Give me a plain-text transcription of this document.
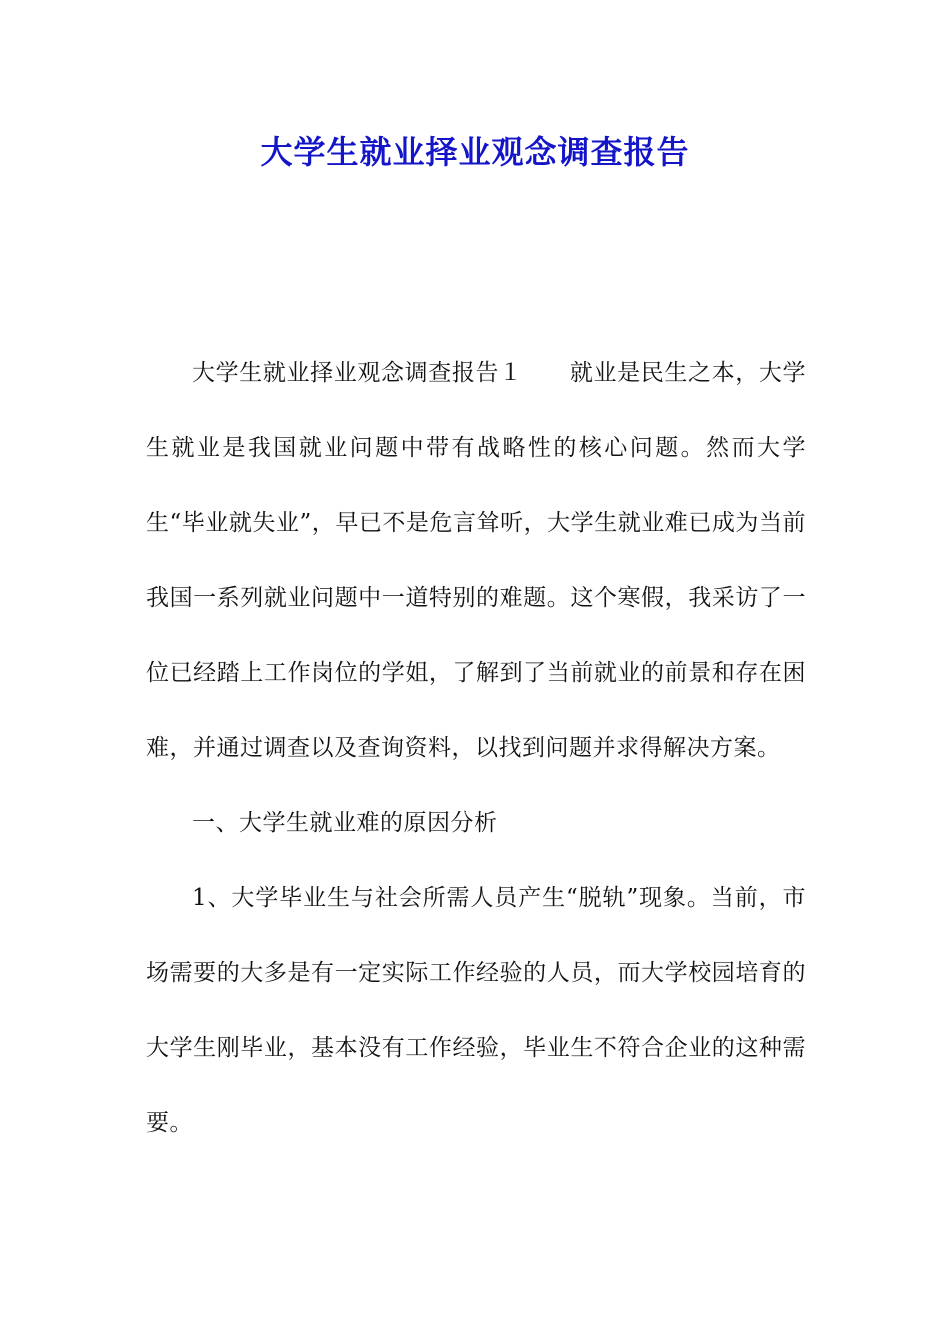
大学生就业择业观念调查报告

大学生就业择业观念调查报告１　　就业是民生之本，大学生就业是我国就业问题中带有战略性的核心问题。然而大学生“毕业就失业”，早已不是危言耸听，大学生就业难已成为当前我国一系列就业问题中一道特别的难题。这个寒假，我采访了一位已经踏上工作岗位的学姐，了解到了当前就业的前景和存在困难，并通过调查以及查询资料，以找到问题并求得解决方案。

一、大学生就业难的原因分析

1、大学毕业生与社会所需人员产生“脱轨”现象。当前，市场需要的大多是有一定实际工作经验的人员，而大学校园培育的大学生刚毕业，基本没有工作经验，毕业生不符合企业的这种需要。
